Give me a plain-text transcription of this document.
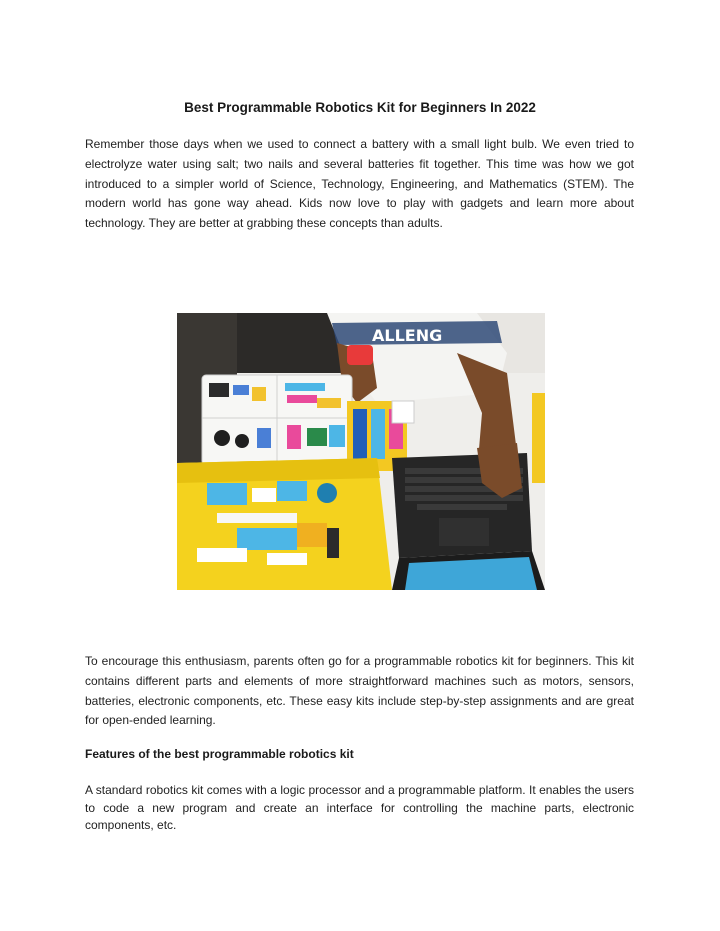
Best Programmable Robotics Kit for Beginners In 2022

Remember those days when we used to connect a battery with a small light bulb. We even tried to electrolyze water using salt; two nails and several batteries fit together. This time was how we got introduced to a simpler world of Science, Technology, Engineering, and Mathematics (STEM). The modern world has gone way ahead. Kids now love to play with gadgets and learn more about technology. They are better at grabbing these concepts than adults.

ALLENG

To encourage this enthusiasm, parents often go for a programmable robotics kit for beginners. This kit contains different parts and elements of more straightforward machines such as motors, sensors, batteries, electronic components, etc. These easy kits include step-by-step assignments and are great for open-ended learning.

Features of the best programmable robotics kit

A standard robotics kit comes with a logic processor and a programmable platform. It enables the users to code a new program and create an interface for controlling the machine parts, electronic components, etc.
